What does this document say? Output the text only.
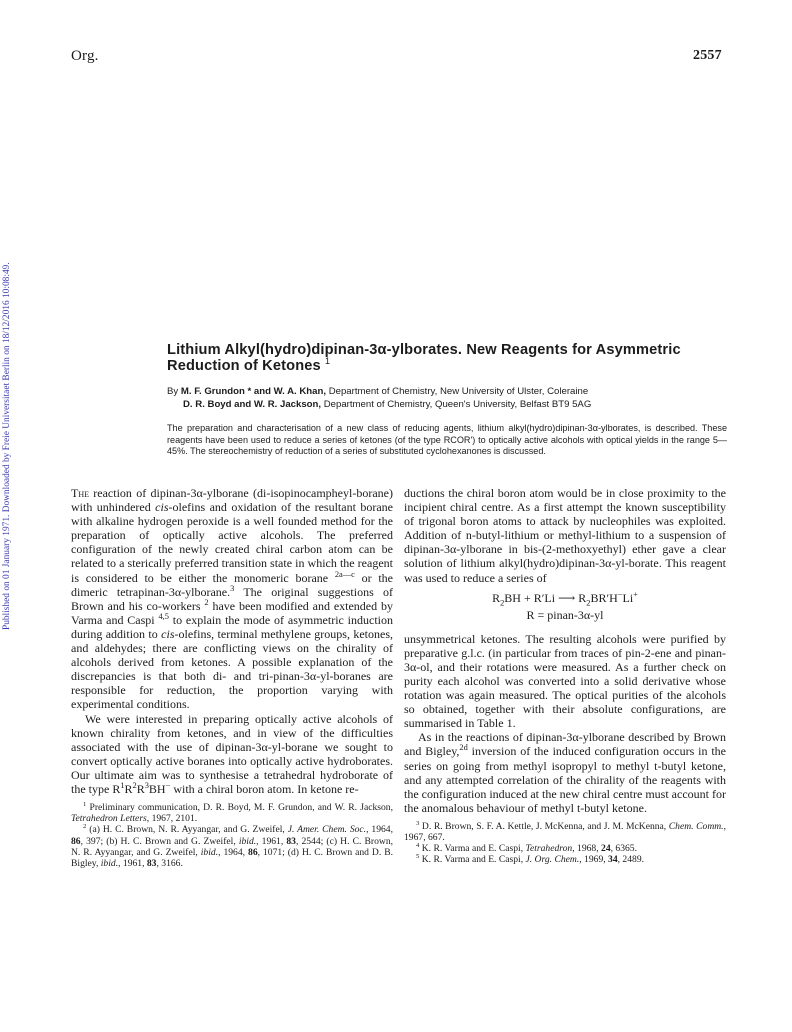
Org.	2557
Published on 01 January 1971. Downloaded by Freie Universitaet Berlin on 18/12/2016 10:08:49.	Lithium Alkyl(hydro)dipinan-3α-ylborates. New Reagents for Asymmetric Reduction of Ketones $^1$
By M. F. Grundon * and W. A. Khan, Department of Chemistry, New University of Ulster, Coleraine
D. R. Boyd and W. R. Jackson, Department of Chemistry, Queen's University, Belfast BT9 5AG
The preparation and characterisation of a new class of reducing agents, lithium alkyl(hydro)dipinan-3α-ylborates, is described. These reagents have been used to reduce a series of ketones (of the type RCOR') to optically active alcohols with optical yields in the range 5—45%. The stereochemistry of reduction of a series of substituted cyclohexanones is discussed.

The reaction of dipinan-3α-ylborane (di-isopinocampheyl-borane) with unhindered cis-olefins and oxidation of the resultant borane with alkaline hydrogen peroxide is a well founded method for the preparation of optically active alcohols. The preferred configuration of the newly created chiral carbon atom can be related to a sterically preferred transition state in which the reagent is considered to be either the monomeric borane $^{2a—c}$ or the dimeric tetrapinan-3α-ylborane.$^3$ The original suggestions of Brown and his co-workers $^2$ have been modified and extended by Varma and Caspi $^{4,5}$ to explain the mode of asymmetric induction during addition to cis-olefins, terminal methylene groups, ketones, and aldehydes; there are conflicting views on the chirality of alcohols derived from ketones. A possible explanation of the discrepancies is that both di- and tri-pinan-3α-yl-boranes are responsible for reduction, the proportion varying with experimental conditions.

We were interested in preparing optically active alcohols of known chirality from ketones, and in view of the difficulties associated with the use of dipinan-3α-yl-borane we sought to convert optically active boranes into optically active hydroborates. Our ultimate aim was to synthesise a tetrahedral hydroborate of the type $R^1R^2R^3BH^-$ with a chiral boron atom. In ketone re-

$^1$ Preliminary communication, D. R. Boyd, M. F. Grundon, and W. R. Jackson, Tetrahedron Letters, 1967, 2101.

$^2$ (a) H. C. Brown, N. R. Ayyangar, and G. Zweifel, J. Amer. Chem. Soc., 1964, 86, 397; (b) H. C. Brown and G. Zweifel, ibid., 1961, 83, 2544; (c) H. C. Brown, N. R. Ayyangar, and G. Zweifel, ibid., 1964, 86, 1071; (d) H. C. Brown and D. B. Bigley, ibid., 1961, 83, 3166.

ductions the chiral boron atom would be in close proximity to the incipient chiral centre. As a first attempt the known susceptibility of trigonal boron atoms to attack by nucleophiles was exploited. Addition of n-butyl-lithium or methyl-lithium to a suspension of dipinan-3α-ylborane in bis-(2-methoxyethyl) ether gave a clear solution of lithium alkyl(hydro)dipinan-3α-yl-borate. This reagent was used to reduce a series of

$R_2BH + R'Li$ ⟶ $R_2BR'H^-Li^+$
R = pinan-3α-yl

unsymmetrical ketones. The resulting alcohols were purified by preparative g.l.c. (in particular from traces of pin-2-ene and pinan-3α-ol, and their rotations were measured. As a further check on purity each alcohol was converted into a solid derivative whose rotation was again measured. The optical purities of the alcohols so obtained, together with their absolute configurations, are summarised in Table 1.

As in the reactions of dipinan-3α-ylborane described by Brown and Bigley,$^{2d}$ inversion of the induced configuration occurs in the series on going from methyl isopropyl to methyl t-butyl ketone, and any attempted correlation of the chirality of the reagents with the configuration induced at the new chiral centre must account for the anomalous behaviour of methyl t-butyl ketone.

$^3$ D. R. Brown, S. F. A. Kettle, J. McKenna, and J. M. McKenna, Chem. Comm., 1967, 667.

$^4$ K. R. Varma and E. Caspi, Tetrahedron, 1968, 24, 6365.

$^5$ K. R. Varma and E. Caspi, J. Org. Chem., 1969, 34, 2489.
